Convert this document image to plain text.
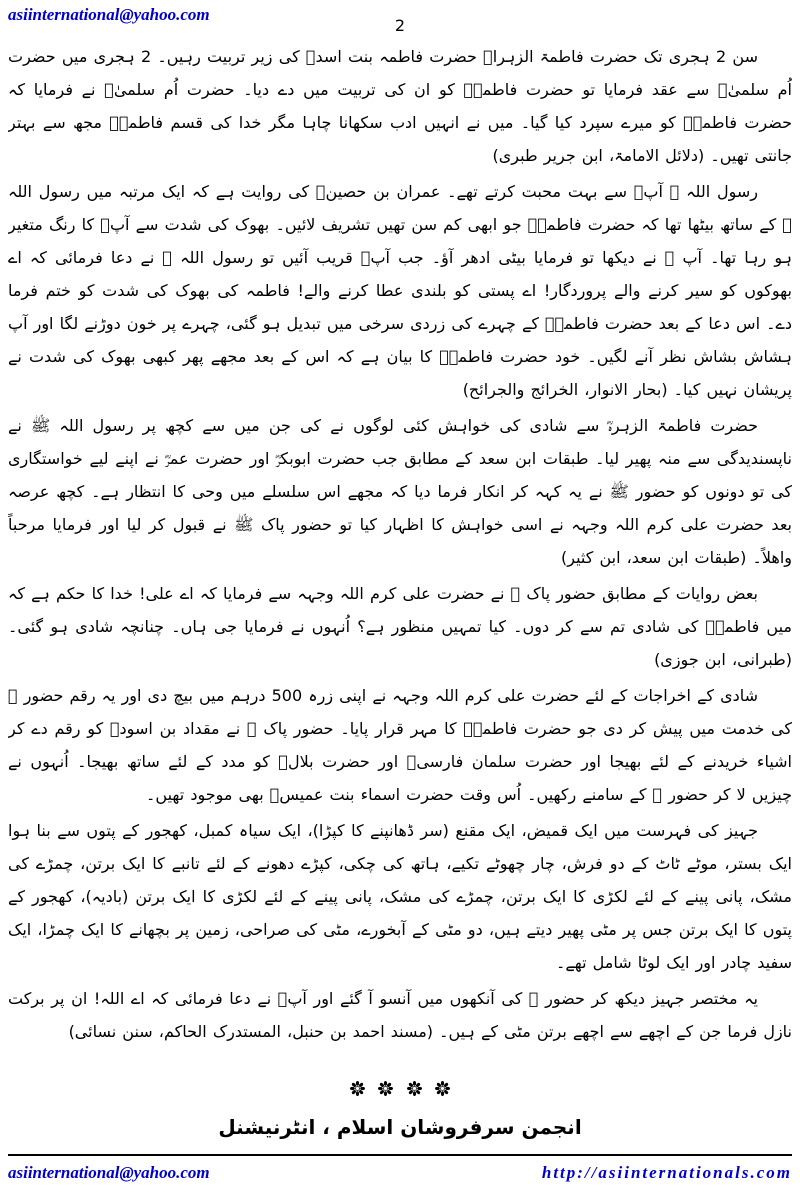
asiinternational@yahoo.com
2

سن 2 ہجری تک حضرت فاطمۃ الزہراؓ حضرت فاطمہ بنت اسدؓ کی زیر تربیت رہیں۔ 2 ہجری میں حضرت اُم سلمیٰؓ سے عقد فرمایا تو حضرت فاطمہؓ کو ان کی تربیت میں دے دیا۔ حضرت اُم سلمیٰؓ نے فرمایا کہ حضرت فاطمہؓ کو میرے سپرد کیا گیا۔ میں نے انہیں ادب سکھانا چاہا مگر خدا کی قسم فاطمہؓ مجھ سے بہتر جانتی تھیں۔ (دلائل الامامۃ، ابن جریر طبری)

رسول اللہ ﷺ آپؓ سے بہت محبت کرتے تھے۔ عمران بن حصینؓ کی روایت ہے کہ ایک مرتبہ میں رسول اللہ ﷺ کے ساتھ بیٹھا تھا کہ حضرت فاطمہؓ جو ابھی کم سن تھیں تشریف لائیں۔ بھوک کی شدت سے آپؓ کا رنگ متغیر ہو رہا تھا۔ آپ ﷺ نے دیکھا تو فرمایا بیٹی ادھر آؤ۔ جب آپؓ قریب آئیں تو رسول اللہ ﷺ نے دعا فرمائی کہ اے بھوکوں کو سیر کرنے والے پروردگار! اے پستی کو بلندی عطا کرنے والے! فاطمہ کی بھوک کی شدت کو ختم فرما دے۔ اس دعا کے بعد حضرت فاطمہؓ کے چہرے کی زردی سرخی میں تبدیل ہو گئی، چہرے پر خون دوڑنے لگا اور آپ ہشاش بشاش نظر آنے لگیں۔ خود حضرت فاطمہؓ کا بیان ہے کہ اس کے بعد مجھے پھر کبھی بھوک کی شدت نے پریشان نہیں کیا۔ (بحار الانوار، الخرائج والجرائح)

حضرت فاطمۃ الزہرہؓ سے شادی کی خواہش کئی لوگوں نے کی جن میں سے کچھ پر رسول اللہ ﷺ نے ناپسندیدگی سے منہ پھیر لیا۔ طبقات ابن سعد کے مطابق جب حضرت ابوبکرؓ اور حضرت عمرؓ نے اپنے لیے خواستگاری کی تو دونوں کو حضور ﷺ نے یہ کہہ کر انکار فرما دیا کہ مجھے اس سلسلے میں وحی کا انتظار ہے۔ کچھ عرصہ بعد حضرت علی کرم اللہ وجہہ نے اسی خواہش کا اظہار کیا تو حضور پاک ﷺ نے قبول کر لیا اور فرمایا مرحباً واھلاً۔ (طبقات ابن سعد، ابن کثیر)

بعض روایات کے مطابق حضور پاک ﷺ نے حضرت علی کرم اللہ وجہہ سے فرمایا کہ اے علی! خدا کا حکم ہے کہ میں فاطمہؓ کی شادی تم سے کر دوں۔ کیا تمہیں منظور ہے؟ اُنہوں نے فرمایا جی ہاں۔ چنانچہ شادی ہو گئی۔ (طبرانی، ابن جوزی)

شادی کے اخراجات کے لئے حضرت علی کرم اللہ وجہہ نے اپنی زرہ 500 درہم میں بیچ دی اور یہ رقم حضور ﷺ کی خدمت میں پیش کر دی جو حضرت فاطمہؓ کا مہر قرار پایا۔ حضور پاک ﷺ نے مقداد بن اسودؓ کو رقم دے کر اشیاء خریدنے کے لئے بھیجا اور حضرت سلمان فارسیؓ اور حضرت بلالؓ کو مدد کے لئے ساتھ بھیجا۔ اُنہوں نے چیزیں لا کر حضور ﷺ کے سامنے رکھیں۔ اُس وقت حضرت اسماء بنت عمیسؓ بھی موجود تھیں۔

جہیز کی فہرست میں ایک قمیض، ایک مقنع (سر ڈھانپنے کا کپڑا)، ایک سیاہ کمبل، کھجور کے پتوں سے بنا ہوا ایک بستر، موٹے ٹاٹ کے دو فرش، چار چھوٹے تکیے، ہاتھ کی چکی، کپڑے دھونے کے لئے تانبے کا ایک برتن، چمڑے کی مشک، پانی پینے کے لئے لکڑی کا ایک برتن، چمڑے کی مشک، پانی پینے کے لئے لکڑی کا ایک برتن (بادیہ)، کھجور کے پتوں کا ایک برتن جس پر مٹی پھیر دیتے ہیں، دو مٹی کے آبخورے، مٹی کی صراحی، زمین پر بچھانے کا ایک چمڑا، ایک سفید چادر اور ایک لوٹا شامل تھے۔

یہ مختصر جہیز دیکھ کر حضور ﷺ کی آنکھوں میں آنسو آ گئے اور آپؐ نے دعا فرمائی کہ اے اللہ! ان پر برکت نازل فرما جن کے اچھے سے اچھے برتن مٹی کے ہیں۔ (مسند احمد بن حنبل، المستدرک الحاکم، سنن نسائی)

انجمن سرفروشان اسلام ، انٹرنیشنل
asiinternational@yahoo.com	http://asiinternationals.com
